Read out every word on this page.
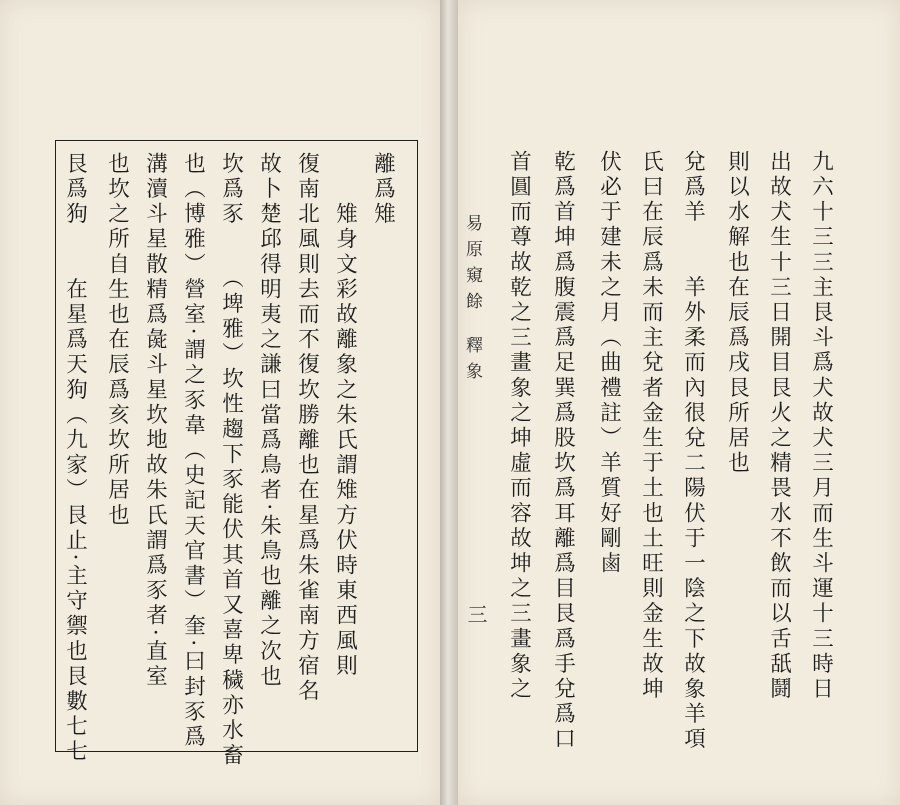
離爲雉
　　雉身文彩故離象之朱氏謂雉方伏時東西風則
復南北風則去而不復坎勝離也在星爲朱雀南方宿名
故卜楚邱得明夷之謙曰當爲鳥者·朱鳥也離之次也
坎爲豕　　（埤雅）坎性趨下豕能伏其首又喜卑穢亦水畜
也（博雅）營室·謂之豕韋（史記天官書）奎·曰封豕爲
溝瀆斗星散精爲彘斗星坎地故朱氏謂爲豕者·直室
也坎之所自生也在辰爲亥坎所居也
艮爲狗　　在星爲天狗（九家）艮止·主守禦也艮數七七	易原窺餘
釋象
三	九六十三三主艮斗爲犬故犬三月而生斗運十三時日
出故犬生十三日開目艮火之精畏水不飲而以舌舐鬪
則以水解也在辰爲戌艮所居也
兌爲羊　　羊外柔而內很兌二陽伏于一陰之下故象羊項
氏曰在辰爲未而主兌者金生于土也土旺則金生故坤
伏必于建未之月（曲禮註）羊質好剛鹵
乾爲首坤爲腹震爲足巽爲股坎爲耳離爲目艮爲手兌爲口
首圓而尊故乾之三畫象之坤虛而容故坤之三畫象之
